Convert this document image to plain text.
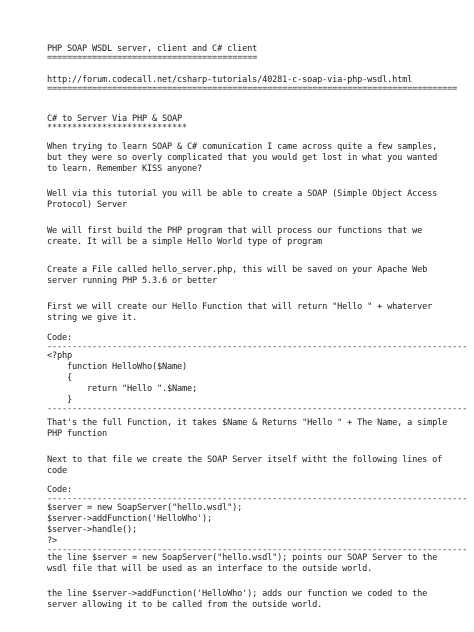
PHP SOAP WSDL server, client and C# client
==========================================
http://forum.codecall.net/csharp-tutorials/40281-c-soap-via-php-wsdl.html
==================================================================================
C# to Server Via PHP & SOAP
****************************
When trying to learn SOAP & C# comunication I came across quite a few samples,
but they were so overly complicated that you would get lost in what you wanted
to learn. Remember KISS anyone?
Well via this tutorial you will be able to create a SOAP (Simple Object Access
Protocol) Server
We will first build the PHP program that will process our functions that we
create. It will be a simple Hello World type of program
Create a File called hello_server.php, this will be saved on your Apache Web
server running PHP 5.3.6 or better
First we will create our Hello Function that will return "Hello " + whaterver
string we give it.
Code:
------------------------------------------------------------------------------------
<?php
function HelloWho($Name)
{
return "Hello ".$Name;
}
------------------------------------------------------------------------------------
That's the full Function, it takes $Name & Returns "Hello " + The Name, a simple
PHP function
Next to that file we create the SOAP Server itself witht the following lines of
code
Code:
------------------------------------------------------------------------------------
$server = new SoapServer("hello.wsdl");
$server->addFunction('HelloWho');
$server->handle();
?>
------------------------------------------------------------------------------------
the line $server = new SoapServer("hello.wsdl"); points our SOAP Server to the
wsdl file that will be used as an interface to the outside world.
the line $server->addFunction('HelloWho'); adds our function we coded to the
server allowing it to be called from the outside world.
